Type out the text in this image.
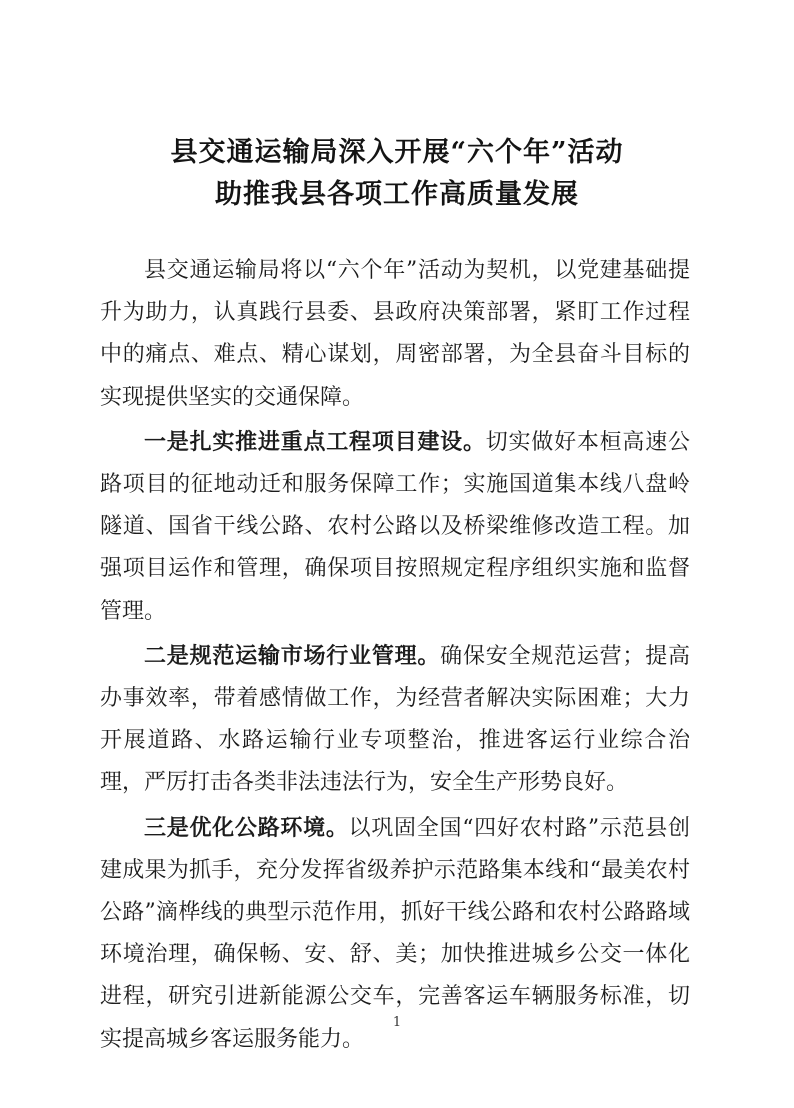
县交通运输局深入开展“六个年”活动
助推我县各项工作高质量发展

县交通运输局将以“六个年”活动为契机，以党建基础提升为助力，认真践行县委、县政府决策部署，紧盯工作过程中的痛点、难点、精心谋划，周密部署，为全县奋斗目标的实现提供坚实的交通保障。

一是扎实推进重点工程项目建设。切实做好本桓高速公路项目的征地动迁和服务保障工作；实施国道集本线八盘岭隧道、国省干线公路、农村公路以及桥梁维修改造工程。加强项目运作和管理，确保项目按照规定程序组织实施和监督管理。

二是规范运输市场行业管理。确保安全规范运营；提高办事效率，带着感情做工作，为经营者解决实际困难；大力开展道路、水路运输行业专项整治，推进客运行业综合治理，严厉打击各类非法违法行为，安全生产形势良好。

三是优化公路环境。以巩固全国“四好农村路”示范县创建成果为抓手，充分发挥省级养护示范路集本线和“最美农村公路”滴桦线的典型示范作用，抓好干线公路和农村公路路域环境治理，确保畅、安、舒、美；加快推进城乡公交一体化进程，研究引进新能源公交车，完善客运车辆服务标准，切实提高城乡客运服务能力。

1
